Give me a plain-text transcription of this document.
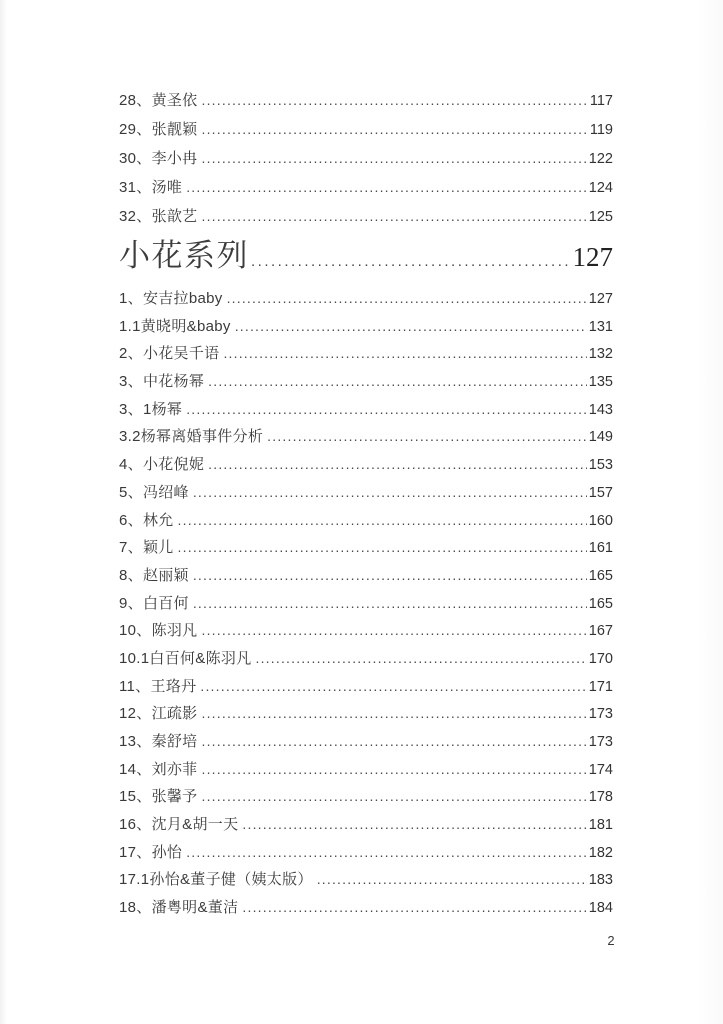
28、黄圣依 .....	117
29、张靓颖 .....	119
30、李小冉 .....	122
31、汤唯 .....	124
32、张歆艺 .....	125
小花系列 .....	127
1、安吉拉baby .....	127
1.1黄晓明&baby .....	131
2、小花吴千语 .....	132
3、中花杨幂 .....	135
3、1杨幂 .....	143
3.2杨幂离婚事件分析 .....	149
4、小花倪妮 .....	153
5、冯绍峰 .....	157
6、林允 .....	160
7、颖儿 .....	161
8、赵丽颖 .....	165
9、白百何 .....	165
10、陈羽凡 .....	167
10.1白百何&陈羽凡 .....	170
11、王珞丹 .....	171
12、江疏影 .....	173
13、秦舒培 .....	173
14、刘亦菲 .....	174
15、张馨予 .....	178
16、沈月&胡一天 .....	181
17、孙怡 .....	182
17.1孙怡&董子健（姨太版） .....	183
18、潘粤明&董洁 .....	184
2
